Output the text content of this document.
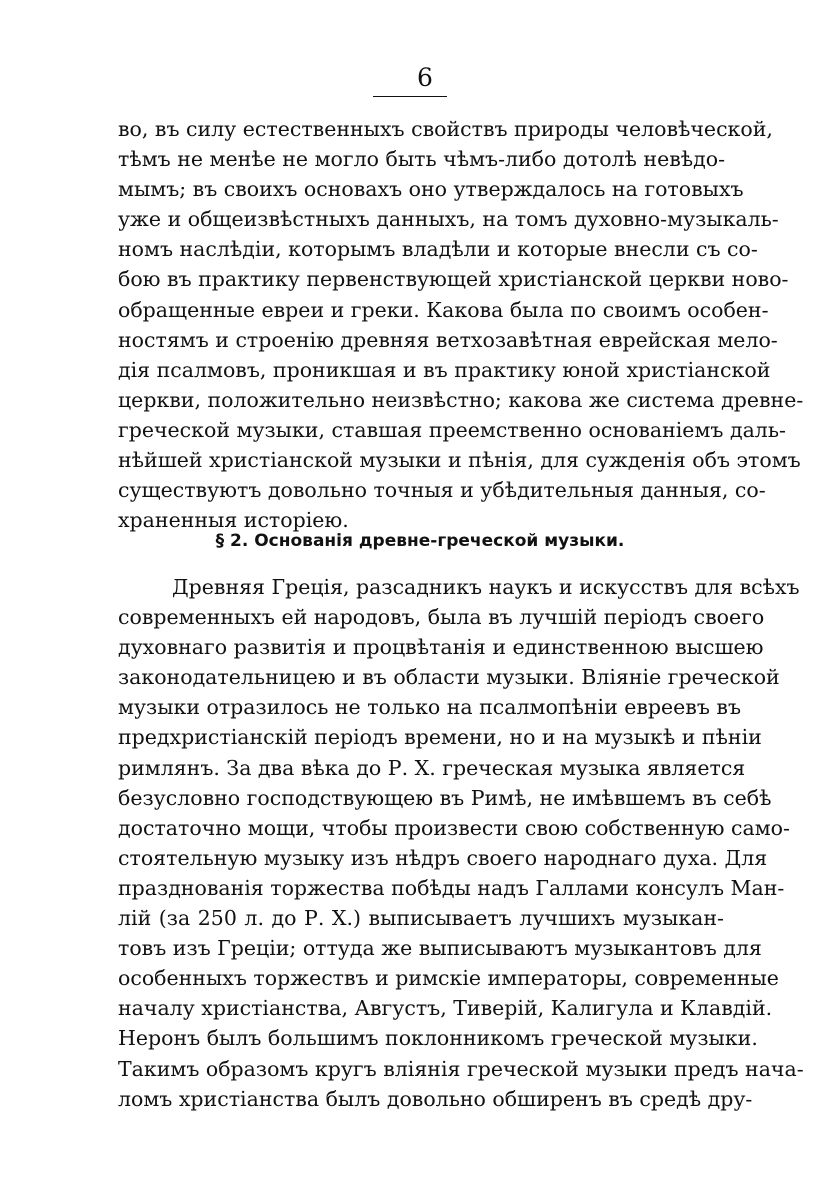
6
во, въ силу естественныхъ свойствъ природы человѣческой,
тѣмъ не менѣе не могло быть чѣмъ-либо дотолѣ невѣдо-
мымъ; въ своихъ основахъ оно утверждалось на готовыхъ
уже и общеизвѣстныхъ данныхъ, на томъ духовно-музыкаль-
номъ наслѣдіи, которымъ владѣли и которые внесли съ со-
бою въ практику первенствующей христіанской церкви ново-
обращенные евреи и греки. Какова была по своимъ особен-
ностямъ и строенію древняя ветхозавѣтная еврейская мело-
дія псалмовъ, проникшая и въ практику юной христіанской
церкви, положительно неизвѣстно; какова же система древне-
греческой музыки, ставшая преемственно основаніемъ даль-
нѣйшей христіанской музыки и пѣнія, для сужденія объ этомъ
существуютъ довольно точныя и убѣдительныя данныя, со-
храненныя исторіею.
§ 2. Основанія древне-греческой музыки.
Древняя Греція, разсадникъ наукъ и искусствъ для всѣхъ
современныхъ ей народовъ, была въ лучшій періодъ своего
духовнаго развитія и процвѣтанія и единственною высшею
законодательницею и въ области музыки. Вліяніе греческой
музыки отразилось не только на псалмопѣніи евреевъ въ
предхристіанскій періодъ времени, но и на музыкѣ и пѣніи
римлянъ. За два вѣка до Р. Х. греческая музыка является
безусловно господствующею въ Римѣ, не имѣвшемъ въ себѣ
достаточно мощи, чтобы произвести свою собственную само-
стоятельную музыку изъ нѣдръ своего народнаго духа. Для
празднованія торжества побѣды надъ Галлами консулъ Ман-
лій (за 250 л. до Р. Х.) выписываетъ лучшихъ музыкан-
товъ изъ Греціи; оттуда же выписываютъ музыкантовъ для
особенныхъ торжествъ и римскіе императоры, современные
началу христіанства, Августъ, Тиверій, Калигула и Клавдій.
Неронъ былъ большимъ поклонникомъ греческой музыки.
Такимъ образомъ кругъ вліянія греческой музыки предъ нача-
ломъ христіанства былъ довольно обширенъ въ средѣ дру-
